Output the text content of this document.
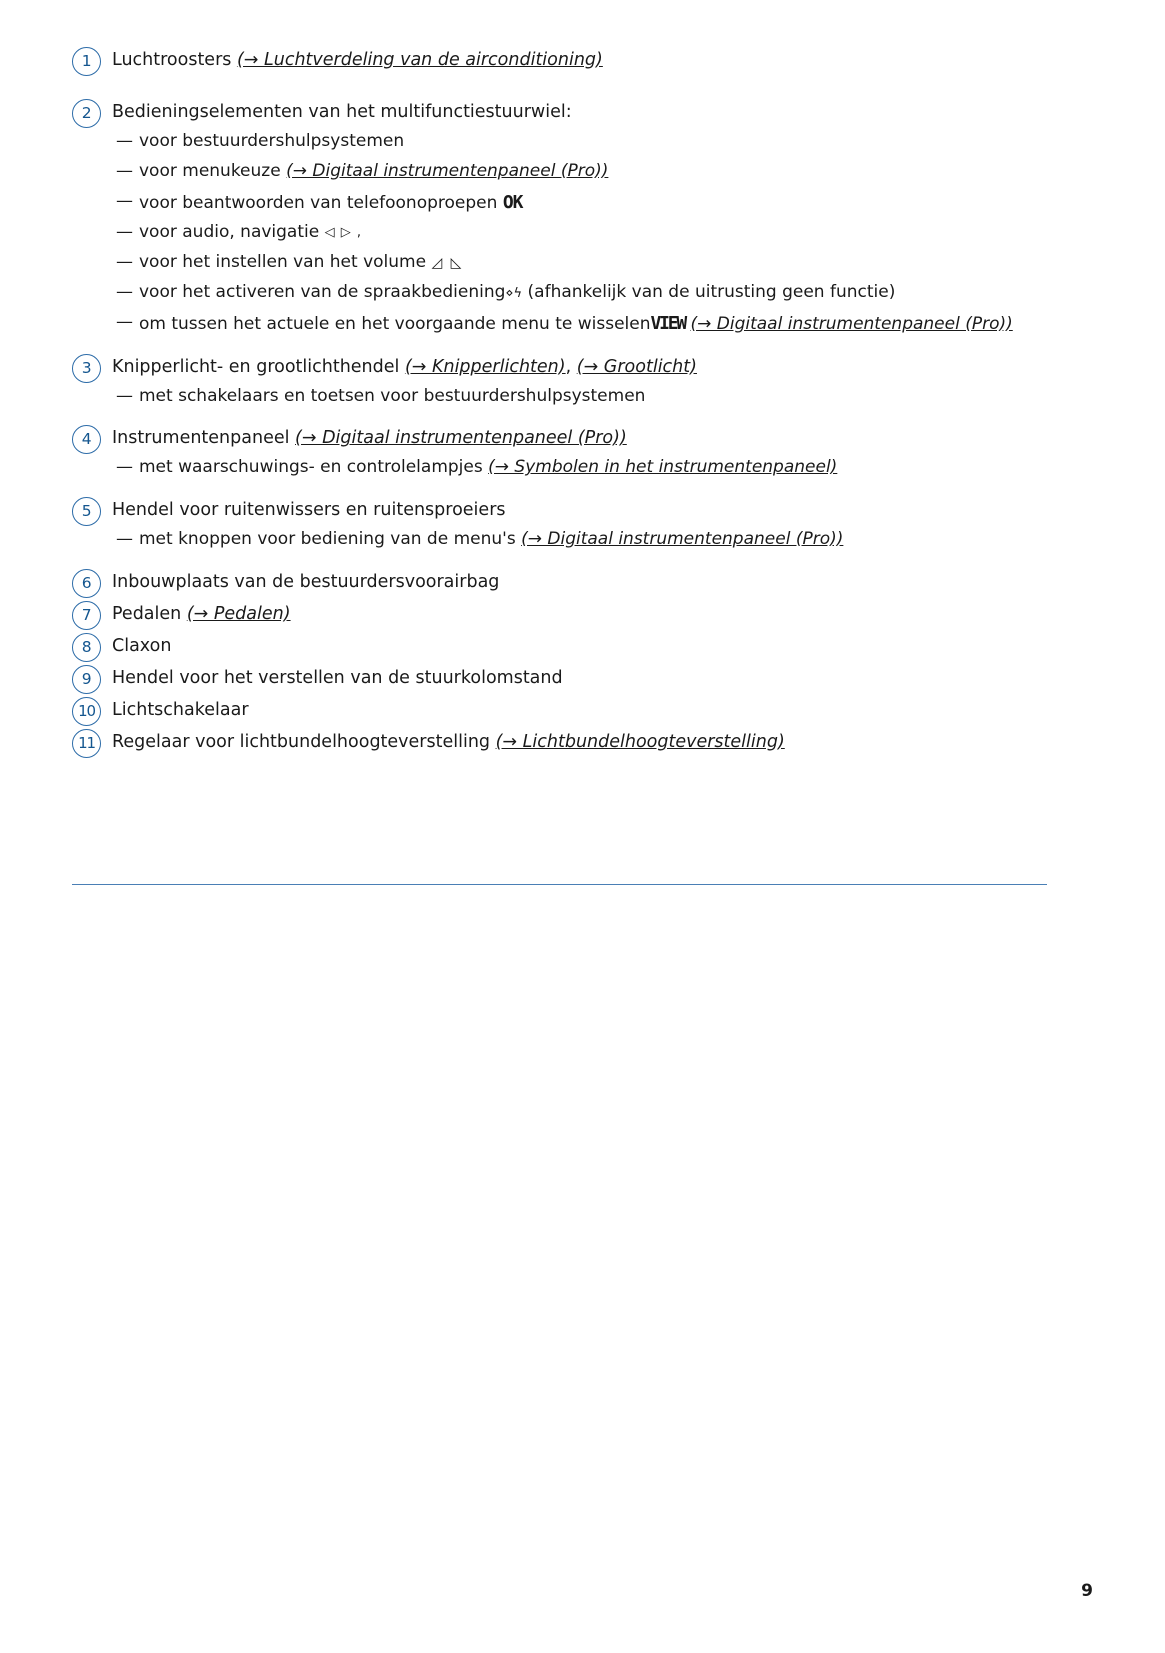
1	Luchtroosters (→ Luchtverdeling van de airconditioning)
2	Bedieningselementen van het multifunctiestuurwiel:
— voor bestuurdershulpsystemen
— voor menukeuze (→ Digitaal instrumentenpaneel (Pro))
— voor beantwoorden van telefoonoproepen OK
— voor audio, navigatie ◁ ▷ ,
— voor het instellen van het volume ◿ ◺
— voor het activeren van de spraakbediening⋄ϟ (afhankelijk van de uitrusting geen functie)
— om tussen het actuele en het voorgaande menu te wisselenVIEW (→ Digitaal instrumentenpaneel (Pro))
3	Knipperlicht- en grootlichthendel (→ Knipperlichten), (→ Grootlicht)
— met schakelaars en toetsen voor bestuurdershulpsystemen
4	Instrumentenpaneel (→ Digitaal instrumentenpaneel (Pro))
— met waarschuwings- en controlelampjes (→ Symbolen in het instrumentenpaneel)
5	Hendel voor ruitenwissers en ruitensproeiers
— met knoppen voor bediening van de menu's (→ Digitaal instrumentenpaneel (Pro))
6	Inbouwplaats van de bestuurdersvoorairbag
7	Pedalen (→ Pedalen)
8	Claxon
9	Hendel voor het verstellen van de stuurkolomstand
10 Lichtschakelaar
11 Regelaar voor lichtbundelhoogteverstelling (→ Lichtbundelhoogteverstelling)
9
